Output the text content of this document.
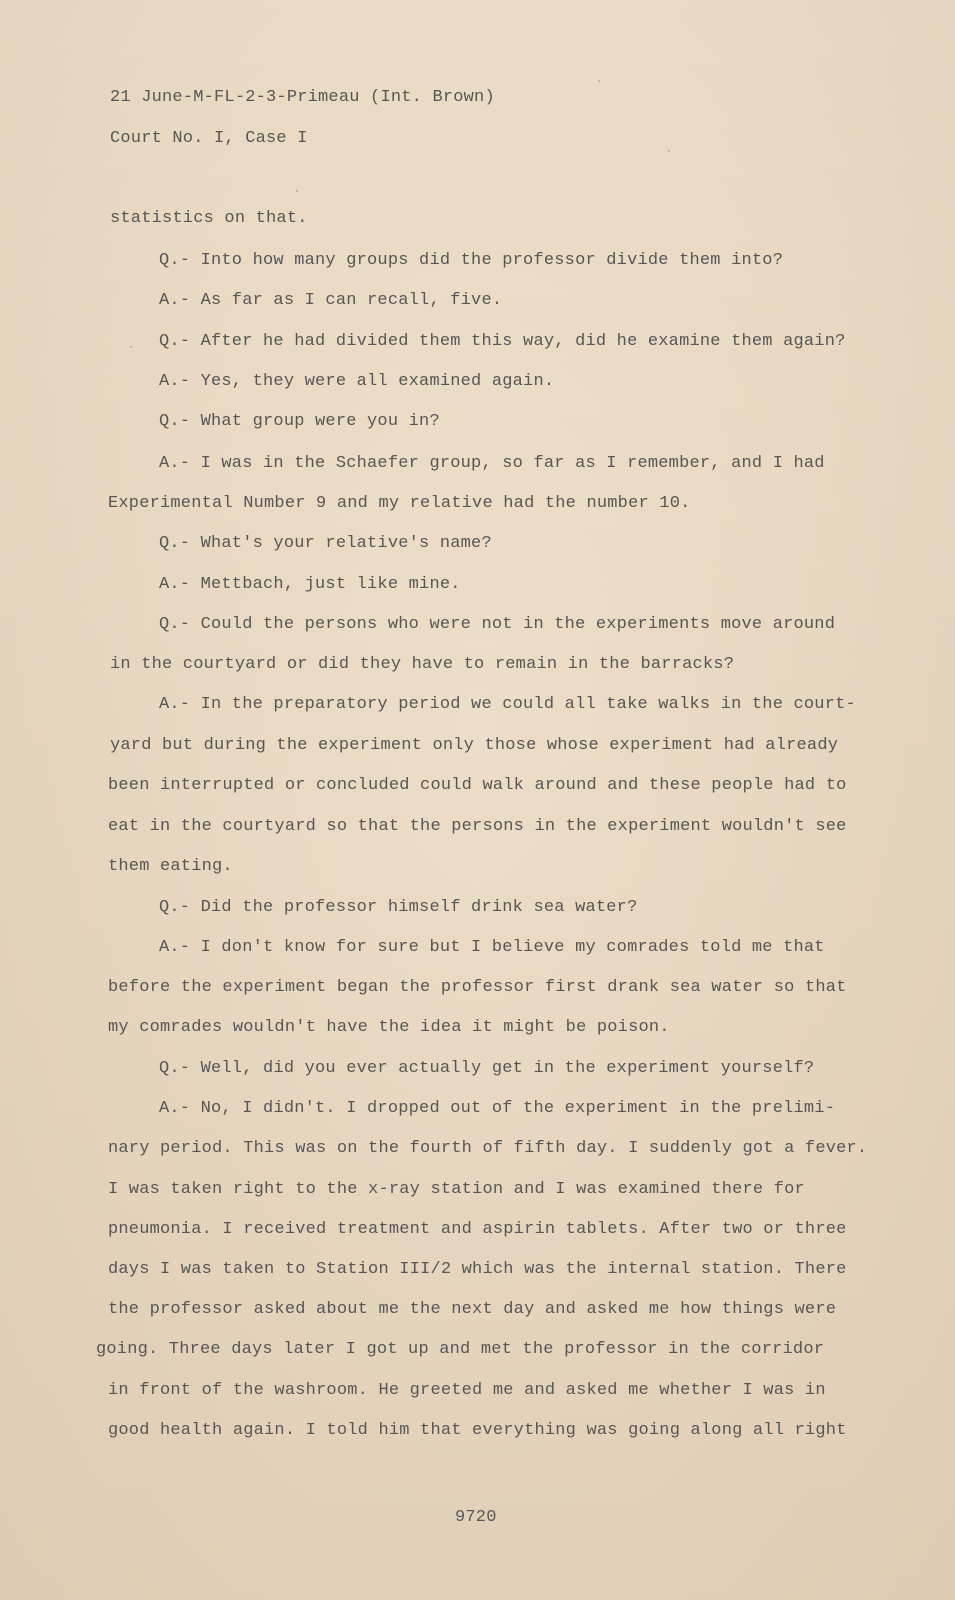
21 June-M-FL-2-3-Primeau (Int. Brown)
Court No. I, Case I
statistics on that.
Q.- Into how many groups did the professor divide them into?
A.- As far as I can recall, five.
Q.- After he had divided them this way, did he examine them again?
A.- Yes, they were all examined again.
Q.- What group were you in?
A.- I was in the Schaefer group, so far as I remember, and I had
Experimental Number 9 and my relative had the number 10.
Q.- What's your relative's name?
A.- Mettbach, just like mine.
Q.- Could the persons who were not in the experiments move around
in the courtyard or did they have to remain in the barracks?
A.- In the preparatory period we could all take walks in the court-
yard but during the experiment only those whose experiment had already
been interrupted or concluded could walk around and these people had to
eat in the courtyard so that the persons in the experiment wouldn't see
them eating.
Q.- Did the professor himself drink sea water?
A.- I don't know for sure but I believe my comrades told me that
before the experiment began the professor first drank sea water so that
my comrades wouldn't have the idea it might be poison.
Q.- Well, did you ever actually get in the experiment yourself?
A.- No, I didn't. I dropped out of the experiment in the prelimi-
nary period. This was on the fourth of fifth day. I suddenly got a fever.
I was taken right to the x-ray station and I was examined there for
pneumonia. I received treatment and aspirin tablets. After two or three
days I was taken to Station III/2 which was the internal station. There
the professor asked about me the next day and asked me how things were
going. Three days later I got up and met the professor in the corridor
in front of the washroom. He greeted me and asked me whether I was in
good health again. I told him that everything was going along all right
9720
